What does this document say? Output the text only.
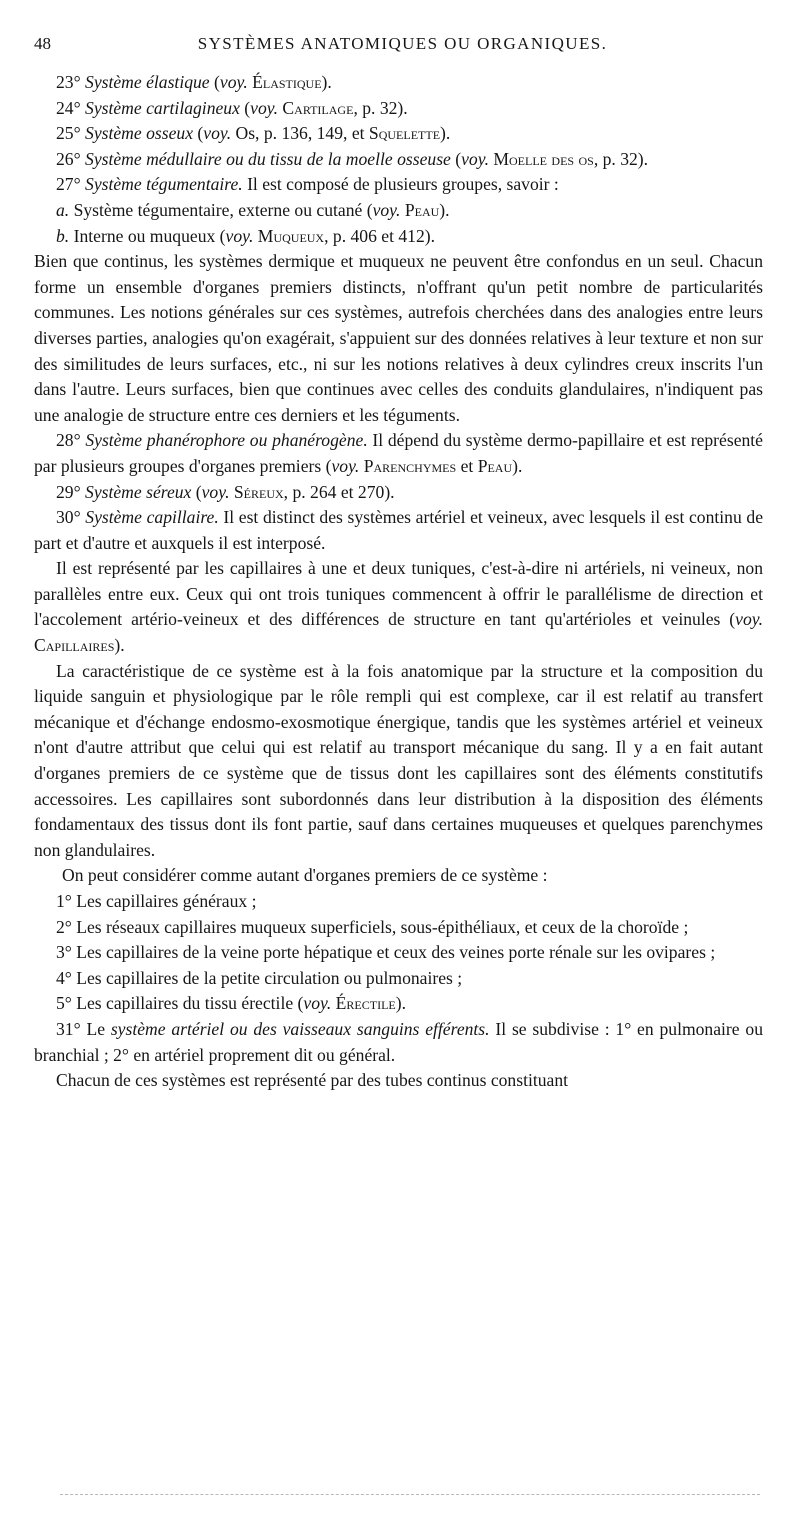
48	SYSTÈMES ANATOMIQUES OU ORGANIQUES.

23° Système élastique (voy. Élastique).

24° Système cartilagineux (voy. Cartilage, p. 32).

25° Système osseux (voy. Os, p. 136, 149, et Squelette).

26° Système médullaire ou du tissu de la moelle osseuse (voy. Moelle des os, p. 32).

27° Système tégumentaire. Il est composé de plusieurs groupes, savoir :

a. Système tégumentaire, externe ou cutané (voy. Peau).

b. Interne ou muqueux (voy. Muqueux, p. 406 et 412).

Bien que continus, les systèmes dermique et muqueux ne peuvent être confondus en un seul. Chacun forme un ensemble d'organes premiers distincts, n'offrant qu'un petit nombre de particularités communes. Les notions générales sur ces systèmes, autrefois cherchées dans des analogies entre leurs diverses parties, analogies qu'on exagérait, s'appuient sur des données relatives à leur texture et non sur des similitudes de leurs surfaces, etc., ni sur les notions relatives à deux cylindres creux inscrits l'un dans l'autre. Leurs surfaces, bien que continues avec celles des conduits glandulaires, n'indiquent pas une analogie de structure entre ces derniers et les téguments.

28° Système phanérophore ou phanérogène. Il dépend du système dermo-papillaire et est représenté par plusieurs groupes d'organes premiers (voy. Parenchymes et Peau).

29° Système séreux (voy. Séreux, p. 264 et 270).

30° Système capillaire. Il est distinct des systèmes artériel et veineux, avec lesquels il est continu de part et d'autre et auxquels il est interposé.

Il est représenté par les capillaires à une et deux tuniques, c'est-à-dire ni artériels, ni veineux, non parallèles entre eux. Ceux qui ont trois tuniques commencent à offrir le parallélisme de direction et l'accolement artério-veineux et des différences de structure en tant qu'artérioles et veinules (voy. Capillaires).

La caractéristique de ce système est à la fois anatomique par la structure et la composition du liquide sanguin et physiologique par le rôle rempli qui est complexe, car il est relatif au transfert mécanique et d'échange endosmo-exosmotique énergique, tandis que les systèmes artériel et veineux n'ont d'autre attribut que celui qui est relatif au transport mécanique du sang. Il y a en fait autant d'organes premiers de ce système que de tissus dont les capillaires sont des éléments constitutifs accessoires. Les capillaires sont subordonnés dans leur distribution à la disposition des éléments fondamentaux des tissus dont ils font partie, sauf dans certaines muqueuses et quelques parenchymes non glandulaires.

On peut considérer comme autant d'organes premiers de ce système :

1° Les capillaires généraux ;

2° Les réseaux capillaires muqueux superficiels, sous-épithéliaux, et ceux de la choroïde ;

3° Les capillaires de la veine porte hépatique et ceux des veines porte rénale sur les ovipares ;

4° Les capillaires de la petite circulation ou pulmonaires ;

5° Les capillaires du tissu érectile (voy. Érectile).

31° Le système artériel ou des vaisseaux sanguins efférents. Il se subdivise : 1° en pulmonaire ou branchial ; 2° en artériel proprement dit ou général.

Chacun de ces systèmes est représenté par des tubes continus constituant
